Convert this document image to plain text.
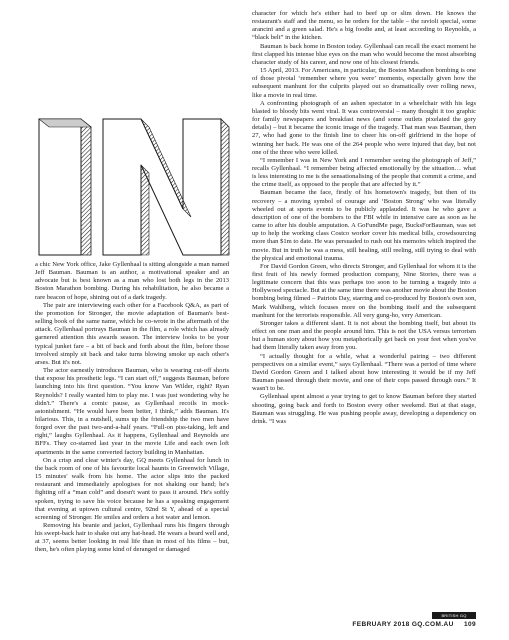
a chic New York office, Jake Gyllenhaal is sitting alongside a man named Jeff Bauman. Bauman is an author, a motivational speaker and an advocate but is best known as a man who lost both legs in the 2013 Boston Marathon bombing. During his rehabilitation, he also became a rare beacon of hope, shining out of a dark tragedy.

The pair are interviewing each other for a Facebook Q&A, as part of the promotion for Stronger, the movie adaptation of Bauman's best-selling book of the same name, which he co-wrote in the aftermath of the attack. Gyllenhaal portrays Bauman in the film, a role which has already garnered attention this awards season. The interview looks to be your typical junket fare – a bit of back and forth about the film, before those involved simply sit back and take turns blowing smoke up each other's arses. But it's not.

The actor earnestly introduces Bauman, who is wearing cut-off shorts that expose his prosthetic legs. “I can start off,” suggests Bauman, before launching into his first question. “You know Van Wilder, right? Ryan Reynolds? I really wanted him to play me. I was just wondering why he didn't.” There's a comic pause, as Gyllenhaal recoils in mock-astonishment. “He would have been better, I think,” adds Bauman. It's hilarious. This, in a nutshell, sums up the friendship the two men have forged over the past two-and-a-half years. “Full-on piss-taking, left and right,” laughs Gyllenhaal. As it happens, Gyllenhaal and Reynolds are BFFs. They co-starred last year in the movie Life and each own loft apartments in the same converted factory building in Manhattan.

On a crisp and clear winter's day, GQ meets Gyllenhaal for lunch in the back room of one of his favourite local haunts in Greenwich Village, 15 minutes' walk from his home. The actor slips into the packed restaurant and immediately apologises for not shaking our hand; he's fighting off a “man cold” and doesn't want to pass it around. He's softly spoken, trying to save his voice because he has a speaking engagement that evening at uptown cultural centre, 92nd St Y, ahead of a special screening of Stronger. He smiles and orders a hot water and lemon.

Removing his beanie and jacket, Gyllenhaal runs his fingers through his swept-back hair to shake out any hat-head. He wears a beard well and, at 37, seems better looking in real life than in most of his films – but, then, he's often playing some kind of deranged or damaged

character for which he's either had to beef up or slim down. He knows the restaurant's staff and the menu, so he orders for the table – the ravioli special, some arancini and a green salad. He's a big foodie and, at least according to Reynolds, a “black belt” in the kitchen.

Bauman is back home in Boston today. Gyllenhaal can recall the exact moment he first clapped his intense blue eyes on the man who would become the most absorbing character study of his career, and now one of his closest friends.

15 April, 2013. For Americans, in particular, the Boston Marathon bombing is one of those pivotal ‘remember where you were’ moments, especially given how the subsequent manhunt for the culprits played out so dramatically over rolling news, like a movie in real time.

A confronting photograph of an ashen spectator in a wheelchair with his legs blasted to bloody bits went viral. It was controversial – many thought it too graphic for family newspapers and breakfast news (and some outlets pixelated the gory details) – but it became the iconic image of the tragedy. That man was Bauman, then 27, who had gone to the finish line to cheer his on-off girlfriend in the hope of winning her back. He was one of the 264 people who were injured that day, but not one of the three who were killed.

“I remember I was in New York and I remember seeing the photograph of Jeff,” recalls Gyllenhaal. “I remember being affected emotionally by the situation… what is less interesting to me is the sensationalising of the people that commit a crime, and the crime itself, as opposed to the people that are affected by it.”

Bauman became the face, firstly of his hometown's tragedy, but then of its recovery – a moving symbol of courage and ‘Boston Strong’ who was literally wheeled out at sports events to be publicly applauded. It was he who gave a description of one of the bombers to the FBI while in intensive care as soon as he came to after his double amputation. A GoFundMe page, BucksForBauman, was set up to help the working class Costco worker cover his medical bills, crowdsourcing more than $1m to date. He was persuaded to rush out his memoirs which inspired the movie. But in truth he was a mess, still healing, still reeling, still trying to deal with the physical and emotional trauma.

For David Gordon Green, who directs Stronger, and Gyllenhaal for whom it is the first fruit of his newly formed production company, Nine Stories, there was a legitimate concern that this was perhaps too soon to be turning a tragedy into a Hollywood spectacle. But at the same time there was another movie about the Boston bombing being filmed – Patriots Day, starring and co-produced by Boston's own son, Mark Wahlberg, which focuses more on the bombing itself and the subsequent manhunt for the terrorists responsible. All very gung-ho, very American.

Stronger takes a different slant. It is not about the bombing itself, but about its effect on one man and the people around him. This is not the USA versus terrorism but a human story about how you metaphorically get back on your feet when you've had them literally taken away from you.

“I actually thought for a while, what a wonderful pairing – two different perspectives on a similar event,” says Gyllenhaal. “There was a period of time where David Gordon Green and I talked about how interesting it would be if my Jeff Bauman passed through their movie, and one of their cops passed through ours.” It wasn't to be.

Gyllenhaal spent almost a year trying to get to know Bauman before they started shooting, going back and forth to Boston every other weekend. But at that stage, Bauman was struggling. He was pushing people away, developing a dependency on drink. “I was

BRITISH GQ
FEBRUARY 2018 GQ.COM.AU 109
